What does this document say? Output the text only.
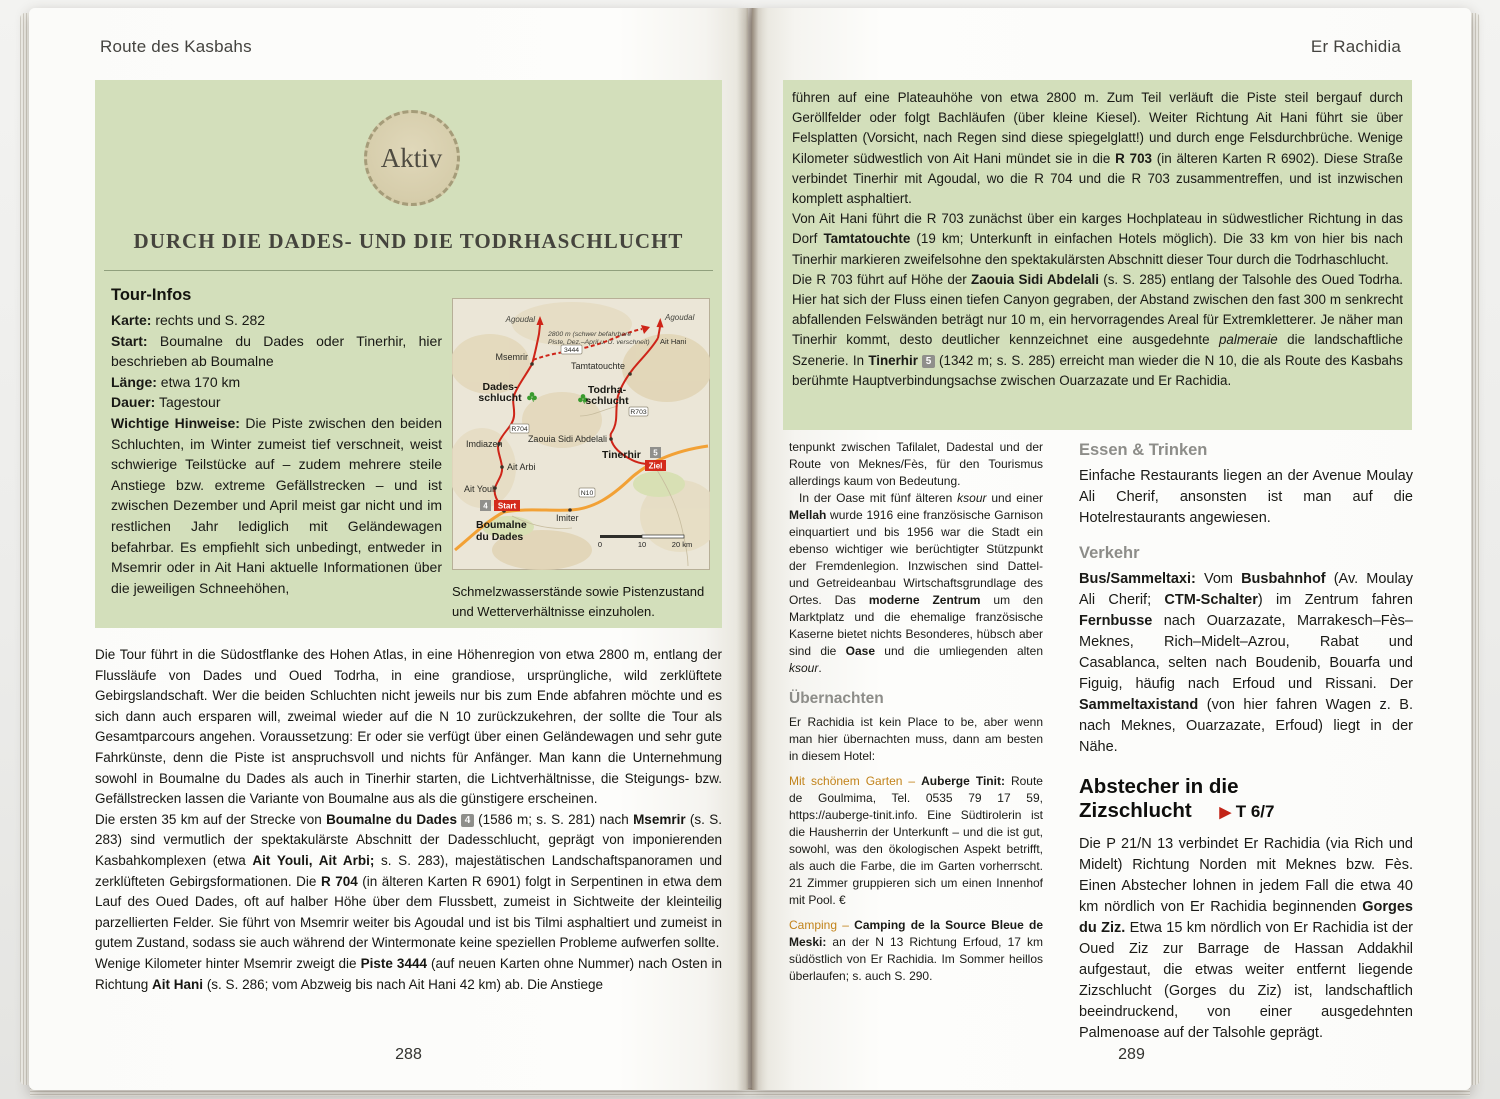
Route des Kasbahs
Aktiv
DURCH DIE DADES- UND DIE TODRHASCHLUCHT
Tour-Infos

Karte: rechts und S. 282

Start: Boumalne du Dades oder Tinerhir, hier beschrieben ab Boumalne

Länge: etwa 170 km

Dauer: Tagestour

Wichtige Hinweise: Die Piste zwischen den beiden Schluchten, im Winter zumeist tief verschneit, weist schwierige Teilstücke auf – zudem mehrere steile Anstiege bzw. extreme Gefällstrecken – und ist zwischen Dezember und April meist gar nicht und im restlichen Jahr lediglich mit Geländewagen befahrbar. Es empfiehlt sich unbedingt, entweder in Msemrir oder in Ait Hani aktuelle Informationen über die jeweiligen Schneehöhen,

3444
R703
R704
N10
4 Start
5
Ziel
Agoudal	Agoudal
2800 m (schwer befahrbare
Piste, Dez.–April u. U. verschneit) Ait Hani
Msemrir
Tamtatouchte
Dades-
schlucht
Todrha-
schlucht
Zaouia Sidi Abdelali
Imdiazen
Tinerhir
Ait Arbi
Ait Youli
Boumalne
du Dades
Imiter
0	10	20 km

Schmelzwasserstände sowie Pistenzustand und Wetterverhältnisse einzuholen.

Die Tour führt in die Südostflanke des Hohen Atlas, in eine Höhenregion von etwa 2800 m, entlang der Flussläufe von Dades und Oued Todrha, in eine grandiose, ursprüngliche, wild zerklüftete Gebirgslandschaft. Wer die beiden Schluchten nicht jeweils nur bis zum Ende abfahren möchte und es sich dann auch ersparen will, zweimal wieder auf die N 10 zurückzukehren, der sollte die Tour als Gesamtparcours angehen. Voraussetzung: Er oder sie verfügt über einen Geländewagen und sehr gute Fahrkünste, denn die Piste ist anspruchsvoll und nichts für Anfänger. Man kann die Unternehmung sowohl in Boumalne du Dades als auch in Tinerhir starten, die Lichtverhältnisse, die Steigungs- bzw. Gefällstrecken lassen die Variante von Boumalne aus als die günstigere erscheinen.

Die ersten 35 km auf der Strecke von Boumalne du Dades 4 (1586 m; s. S. 281) nach Msemrir (s. S. 283) sind vermutlich der spektakulärste Abschnitt der Dadesschlucht, geprägt von imponierenden Kasbahkomplexen (etwa Ait Youli, Ait Arbi; s. S. 283), majestätischen Landschaftspanoramen und zerklüfteten Gebirgsformationen. Die R 704 (in älteren Karten R 6901) folgt in Serpentinen in etwa dem Lauf des Oued Dades, oft auf halber Höhe über dem Flussbett, zumeist in Sichtweite der kleinteilig parzellierten Felder. Sie führt von Msemrir weiter bis Agoudal und ist bis Tilmi asphaltiert und zumeist in gutem Zustand, sodass sie auch während der Wintermonate keine speziellen Probleme aufwerfen sollte.

Wenige Kilometer hinter Msemrir zweigt die Piste 3444 (auf neuen Karten ohne Nummer) nach Osten in Richtung Ait Hani (s. S. 286; vom Abzweig bis nach Ait Hani 42 km) ab. Die Anstiege

288
Er Rachidia

führen auf eine Plateauhöhe von etwa 2800 m. Zum Teil verläuft die Piste steil bergauf durch Geröllfelder oder folgt Bachläufen (über kleine Kiesel). Weiter Richtung Ait Hani führt sie über Felsplatten (Vorsicht, nach Regen sind diese spiegelglatt!) und durch enge Felsdurchbrüche. Wenige Kilometer südwestlich von Ait Hani mündet sie in die R 703 (in älteren Karten R 6902). Diese Straße verbindet Tinerhir mit Agoudal, wo die R 704 und die R 703 zusammentreffen, und ist inzwischen komplett asphaltiert.

Von Ait Hani führt die R 703 zunächst über ein karges Hochplateau in südwestlicher Richtung in das Dorf Tamtatouchte (19 km; Unterkunft in einfachen Hotels möglich). Die 33 km von hier bis nach Tinerhir markieren zweifelsohne den spektakulärsten Abschnitt dieser Tour durch die Todrhaschlucht.

Die R 703 führt auf Höhe der Zaouia Sidi Abdelali (s. S. 285) entlang der Talsohle des Oued Todrha. Hier hat sich der Fluss einen tiefen Canyon gegraben, der Abstand zwischen den fast 300 m senkrecht abfallenden Felswänden beträgt nur 10 m, ein hervorragendes Areal für Extremkletterer. Je näher man Tinerhir kommt, desto deutlicher kennzeichnet eine ausgedehnte palmeraie die landschaftliche Szenerie. In Tinerhir 5 (1342 m; s. S. 285) erreicht man wieder die N 10, die als Route des Kasbahs berühmte Hauptverbindungsachse zwischen Ouarzazate und Er Rachidia.

tenpunkt zwischen Tafilalet, Dadestal und der Route von Meknes/Fès, für den Tourismus allerdings kaum von Bedeutung.

In der Oase mit fünf älteren ksour und einer Mellah wurde 1916 eine französische Garnison einquartiert und bis 1956 war die Stadt ein ebenso wichtiger wie berüchtigter Stützpunkt der Fremdenlegion. Inzwischen sind Dattel- und Getreideanbau Wirtschaftsgrundlage des Ortes. Das moderne Zentrum um den Marktplatz und die ehemalige französische Kaserne bietet nichts Besonderes, hübsch aber sind die Oase und die umliegenden alten ksour.

Übernachten

Er Rachidia ist kein Place to be, aber wenn man hier übernachten muss, dann am besten in diesem Hotel:

Mit schönem Garten – Auberge Tinit: Route de Goulmima, Tel. 0535 79 17 59, https://auberge-tinit.info. Eine Südtirolerin ist die Hausherrin der Unterkunft – und die ist gut, sowohl, was den ökologischen Aspekt betrifft, als auch die Farbe, die im Garten vorherrscht. 21 Zimmer gruppieren sich um einen Innenhof mit Pool. €

Camping – Camping de la Source Bleue de Meski: an der N 13 Richtung Erfoud, 17 km südöstlich von Er Rachidia. Im Sommer heillos überlaufen; s. auch S. 290.

Essen & Trinken

Einfache Restaurants liegen an der Avenue Moulay Ali Cherif, ansonsten ist man auf die Hotelrestaurants angewiesen.

Verkehr

Bus/Sammeltaxi: Vom Busbahnhof (Av. Moulay Ali Cherif; CTM-Schalter) im Zentrum fahren Fernbusse nach Ouarzazate, Marrakesch–Fès–Meknes, Rich–Midelt–Azrou, Rabat und Casablanca, selten nach Boudenib, Bouarfa und Figuig, häufig nach Erfoud und Rissani. Der Sammeltaxistand (von hier fahren Wagen z. B. nach Meknes, Ouarzazate, Erfoud) liegt in der Nähe.

Abstecher in die
Zizschlucht ▶ T 6/7

Die P 21/N 13 verbindet Er Rachidia (via Rich und Midelt) Richtung Norden mit Meknes bzw. Fès. Einen Abstecher lohnen in jedem Fall die etwa 40 km nördlich von Er Rachidia beginnenden Gorges du Ziz. Etwa 15 km nördlich von Er Rachidia ist der Oued Ziz zur Barrage de Hassan Addakhil aufgestaut, die etwas weiter entfernt liegende Zizschlucht (Gorges du Ziz) ist, landschaftlich beeindruckend, von einer ausgedehnten Palmenoase auf der Talsohle geprägt.

289
